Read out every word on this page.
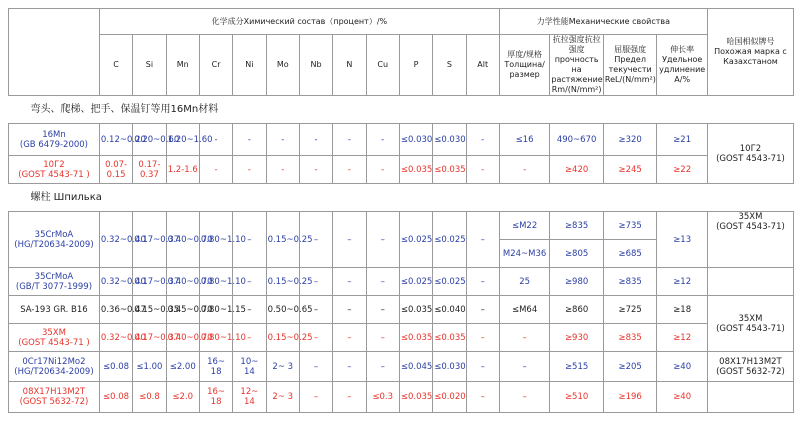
	化学成分Химический состав（процент）/%												力学性能Механические свойства				哈国相似牌号Похожая марка с Казахстаном
	C	Si	Mn	Cr	Ni	Mo	Nb	N	Cu	P	S	Alt	厚度/规格 Толщина/размер	抗拉强度抗拉强度прочность на растяжение Rm/(N/mm²)	屈服强度Предел текучести ReL/(N/mm²)	伸长率Удельное удлинение A/%	
弯头、爬梯、把手、保温钉等用16Mn材料																	
16Mn
(GB 6479-2000)	0.12~0.20	0.20~0.60	1.20~1.60	-	-	-	-	-	-	≤0.030	≤0.030	-	≤16	490~670	≥320	≥21	10Г2
(GOST 4543-71)
10Г2
(GOST 4543-71 )	0.07-0.15	0.17-0.37	1.2-1.6	-	-	-	-	-	-	≤0.035	≤0.035	-	-	≥420	≥245	≥22	
螺柱 Шпилька																	
35CrMoA
(HG/T20634-2009)	0.32~0.40	0.17~0.37	0.40~0.70	0.80~1.10	–	0.15~0.25	–	–	–	≤0.025	≤0.025	–	≤M22	≥835	≥735	≥13	35XM
(GOST 4543-71)
													M24~M36	≥805	≥685		
35CrMoA
(GB/T 3077-1999)	0.32~0.40	0.17~0.37	0.40~0.70	0.80~1.10	–	0.15~0.25	–	–	–	≤0.025	≤0.025	–	25	≥980	≥835	≥12	
SA-193 GR. B16	0.36~0.47	0.15~0.35	0.45~0.70	0.80~1.15	–	0.50~0.65	–	–	–	≤0.035	≤0.040	–	≤M64	≥860	≥725	≥18	35XM
(GOST 4543-71)
35XM
(GOST 4543-71 )	0.32~0.40	0.17~0.37	0.40~0.70	0.80~1.10	–	0.15~0.25	–	–	–	≤0.035	≤0.035	–	–	≥930	≥835	≥12	
0Cr17Ni12Mo2
(HG/T20634-2009)	≤0.08	≤1.00	≤2.00	16~ 18	10~ 14	2~ 3	–	–	–	≤0.045	≤0.030	–	–	≥515	≥205	≥40	08X17H13M2T
(GOST 5632-72)
08X17H13M2T
(GOST 5632-72)	≤0.08	≤0.8	≤2.0	16~ 18	12~ 14	2~ 3	–	–	≤0.3	≤0.035	≤0.020	–	–	≥510	≥196	≥40	
